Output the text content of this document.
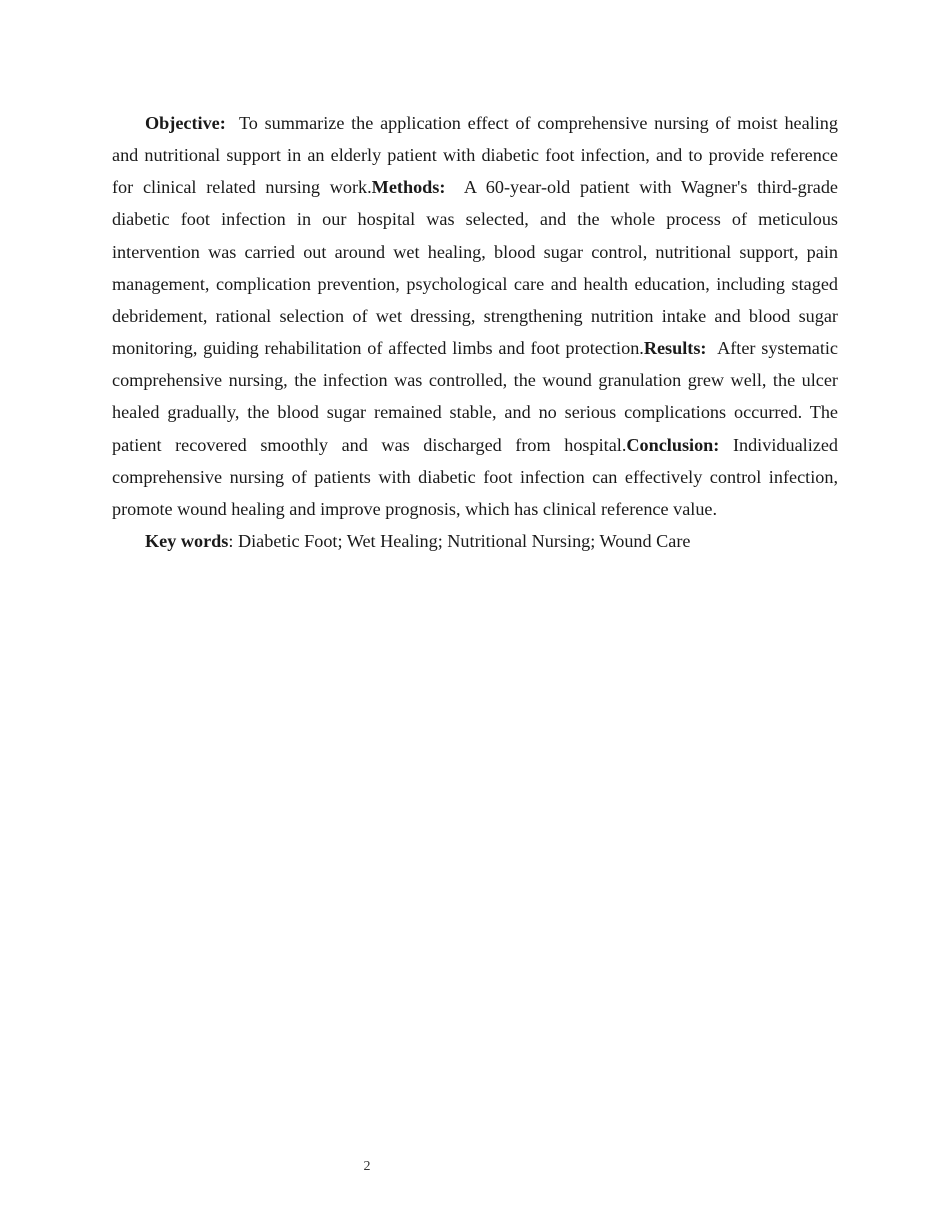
Objective: To summarize the application effect of comprehensive nursing of moist healing and nutritional support in an elderly patient with diabetic foot infection, and to provide reference for clinical related nursing work.Methods: A 60-year-old patient with Wagner's third-grade diabetic foot infection in our hospital was selected, and the whole process of meticulous intervention was carried out around wet healing, blood sugar control, nutritional support, pain management, complication prevention, psychological care and health education, including staged debridement, rational selection of wet dressing, strengthening nutrition intake and blood sugar monitoring, guiding rehabilitation of affected limbs and foot protection.Results: After systematic comprehensive nursing, the infection was controlled, the wound granulation grew well, the ulcer healed gradually, the blood sugar remained stable, and no serious complications occurred. The patient recovered smoothly and was discharged from hospital.Conclusion: Individualized comprehensive nursing of patients with diabetic foot infection can effectively control infection, promote wound healing and improve prognosis, which has clinical reference value.

Key words: Diabetic Foot; Wet Healing; Nutritional Nursing; Wound Care

2
